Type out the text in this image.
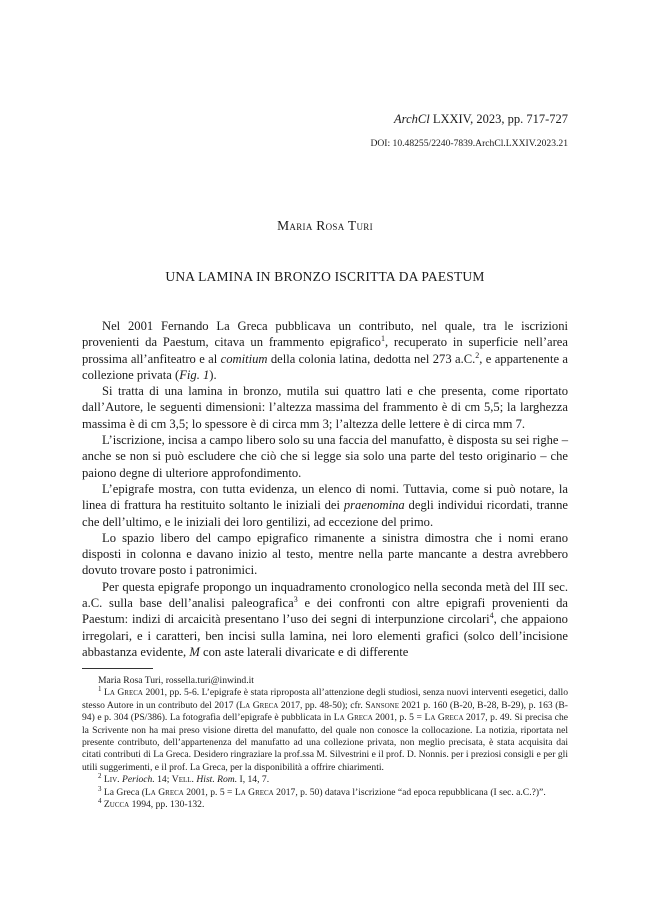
ArchCl LXXIV, 2023, pp. 717-727
DOI: 10.48255/2240-7839.ArchCl.LXXIV.2023.21
Maria Rosa Turi
UNA LAMINA IN BRONZO ISCRITTA DA PAESTUM

Nel 2001 Fernando La Greca pubblicava un contributo, nel quale, tra le iscrizioni provenienti da Paestum, citava un frammento epigrafico$^1$, recuperato in superficie nell’area prossima all’anfiteatro e al comitium della colonia latina, dedotta nel 273 a.C.$^2$, e appartenente a collezione privata (Fig. 1).

Si tratta di una lamina in bronzo, mutila sui quattro lati e che presenta, come riportato dall’Autore, le seguenti dimensioni: l’altezza massima del frammento è di cm 5,5; la larghezza massima è di cm 3,5; lo spessore è di circa mm 3; l’altezza delle lettere è di circa mm 7.

L’iscrizione, incisa a campo libero solo su una faccia del manufatto, è disposta su sei righe – anche se non si può escludere che ciò che si legge sia solo una parte del testo originario – che paiono degne di ulteriore approfondimento.

L’epigrafe mostra, con tutta evidenza, un elenco di nomi. Tuttavia, come si può notare, la linea di frattura ha restituito soltanto le iniziali dei praenomina degli individui ricordati, tranne che dell’ultimo, e le iniziali dei loro gentilizi, ad eccezione del primo.

Lo spazio libero del campo epigrafico rimanente a sinistra dimostra che i nomi erano disposti in colonna e davano inizio al testo, mentre nella parte mancante a destra avrebbero dovuto trovare posto i patronimici.

Per questa epigrafe propongo un inquadramento cronologico nella seconda metà del III sec. a.C. sulla base dell’analisi paleografica$^3$ e dei confronti con altre epigrafi provenienti da Paestum: indizi di arcaicità presentano l’uso dei segni di interpunzione circolari$^4$, che appaiono irregolari, e i caratteri, ben incisi sulla lamina, nei loro elementi grafici (solco dell’incisione abbastanza evidente, M con aste laterali divaricate e di differente

Maria Rosa Turi, rossella.turi@inwind.it

$^1$ La Greca 2001, pp. 5-6. L’epigrafe è stata riproposta all’attenzione degli studiosi, senza nuovi interventi esegetici, dallo stesso Autore in un contributo del 2017 (La Greca 2017, pp. 48-50); cfr. Sansone 2021 p. 160 (B-20, B-28, B-29), p. 163 (B-94) e p. 304 (PS/386). La fotografia dell’epigrafe è pubblicata in La Greca 2001, p. 5 = La Greca 2017, p. 49. Si precisa che la Scrivente non ha mai preso visione diretta del manufatto, del quale non conosce la collocazione. La notizia, riportata nel presente contributo, dell’appartenenza del manufatto ad una collezione privata, non meglio precisata, è stata acquisita dai citati contributi di La Greca. Desidero ringraziare la prof.ssa M. Silvestrini e il prof. D. Nonnis. per i preziosi consigli e per gli utili suggerimenti, e il prof. La Greca, per la disponibilità a offrire chiarimenti.

$^2$ Liv. Perioch. 14; Vell. Hist. Rom. I, 14, 7.

$^3$ La Greca (La Greca 2001, p. 5 = La Greca 2017, p. 50) datava l’iscrizione “ad epoca repubblicana (I sec. a.C.?)”.

$^4$ Zucca 1994, pp. 130-132.
